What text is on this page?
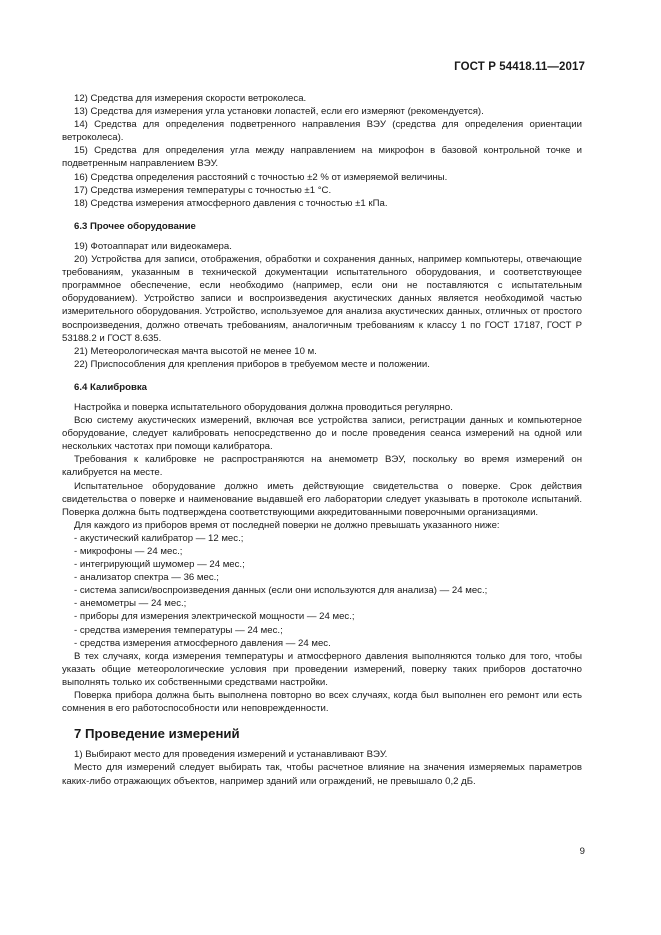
ГОСТ Р 54418.11—2017

12) Средства для измерения скорости ветроколеса.

13) Средства для измерения угла установки лопастей, если его измеряют (рекомендуется).

14) Средства для определения подветренного направления ВЭУ (средства для определения ориентации ветроколеса).

15) Средства для определения угла между направлением на микрофон в базовой контрольной точке и подветренным направлением ВЭУ.

16) Средства определения расстояний с точностью ±2 % от измеряемой величины.

17) Средства измерения температуры с точностью ±1 °С.

18) Средства измерения атмосферного давления с точностью ±1 кПа.

6.3 Прочее оборудование

19) Фотоаппарат или видеокамера.

20) Устройства для записи, отображения, обработки и сохранения данных, например компьютеры, отвечающие требованиям, указанным в технической документации испытательного оборудования, и соответствующее программное обеспечение, если необходимо (например, если они не поставляются с испытательным оборудованием). Устройство записи и воспроизведения акустических данных является необходимой частью измерительного оборудования. Устройство, используемое для анализа акустических данных, отличных от простого воспроизведения, должно отвечать требованиям, аналогичным требованиям к классу 1 по ГОСТ 17187, ГОСТ Р 53188.2 и ГОСТ 8.635.

21) Метеорологическая мачта высотой не менее 10 м.

22) Приспособления для крепления приборов в требуемом месте и положении.

6.4 Калибровка

Настройка и поверка испытательного оборудования должна проводиться регулярно.

Всю систему акустических измерений, включая все устройства записи, регистрации данных и компьютерное оборудование, следует калибровать непосредственно до и после проведения сеанса измерений на одной или нескольких частотах при помощи калибратора.

Требования к калибровке не распространяются на анемометр ВЭУ, поскольку во время измерений он калибруется на месте.

Испытательное оборудование должно иметь действующие свидетельства о поверке. Срок действия свидетельства о поверке и наименование выдавшей его лаборатории следует указывать в протоколе испытаний. Поверка должна быть подтверждена соответствующими аккредитованными поверочными организациями.

Для каждого из приборов время от последней поверки не должно превышать указанного ниже:

- акустический калибратор — 12 мес.;
- микрофоны — 24 мес.;
- интегрирующий шумомер — 24 мес.;
- анализатор спектра — 36 мес.;
- система записи/воспроизведения данных (если они используются для анализа) — 24 мес.;
- анемометры — 24 мес.;
- приборы для измерения электрической мощности — 24 мес.;
- средства измерения температуры — 24 мес.;
- средства измерения атмосферного давления — 24 мес.

В тех случаях, когда измерения температуры и атмосферного давления выполняются только для того, чтобы указать общие метеорологические условия при проведении измерений, поверку таких приборов достаточно выполнять только их собственными средствами настройки.

Поверка прибора должна быть выполнена повторно во всех случаях, когда был выполнен его ремонт или есть сомнения в его работоспособности или неповрежденности.

7 Проведение измерений

1) Выбирают место для проведения измерений и устанавливают ВЭУ.

Место для измерений следует выбирать так, чтобы расчетное влияние на значения измеряемых параметров каких-либо отражающих объектов, например зданий или ограждений, не превышало 0,2 дБ.

9
